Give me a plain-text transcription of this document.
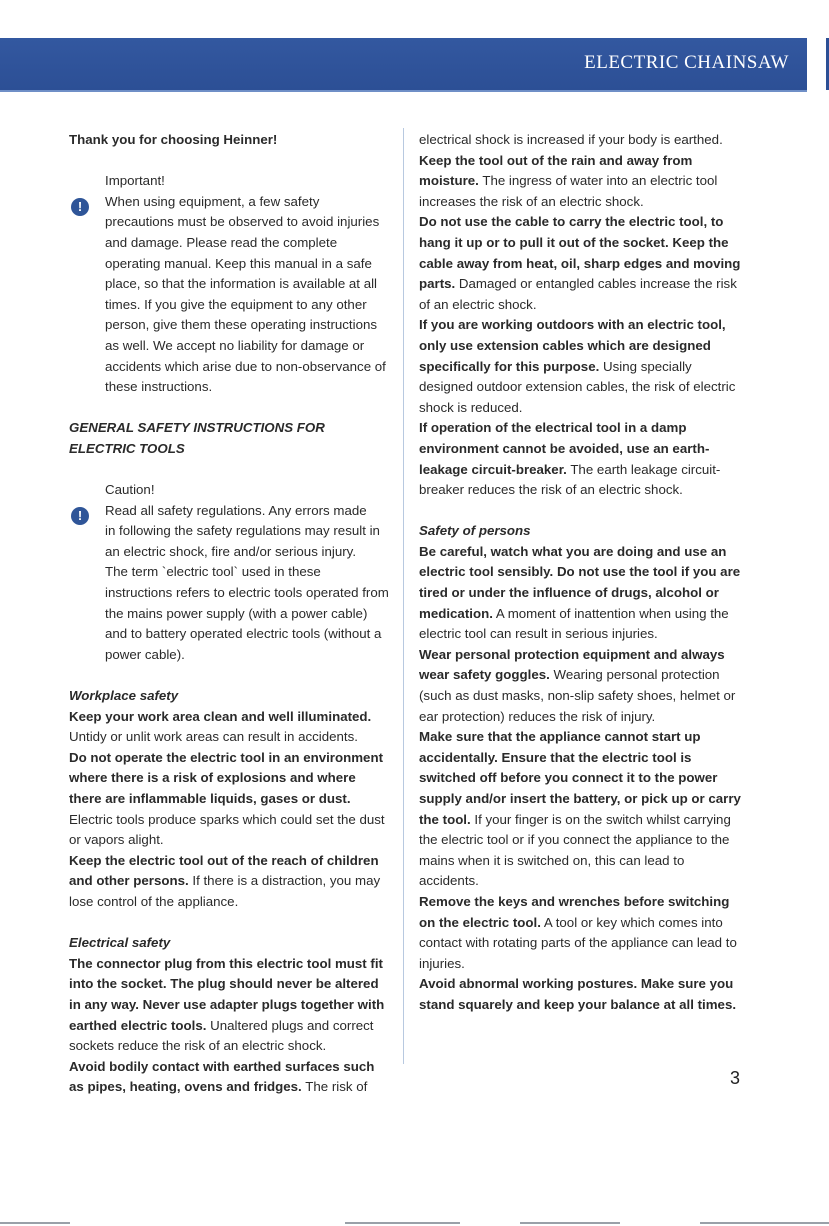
ELECTRIC CHAINSAW

Thank you for choosing Heinner!

!
Important!
When using equipment, a few safety

precautions must be observed to avoid injuries and damage. Please read the complete operating manual. Keep this manual in a safe place, so that the information is available at all times. If you give the equipment to any other person, give them these operating instructions as well. We accept no liability for damage or accidents which arise due to non-observance of these instructions.

GENERAL SAFETY INSTRUCTIONS FOR ELECTRIC TOOLS

!
Caution!
Read all safety regulations. Any errors made

in following the safety regulations may result in an electric shock, fire and/or serious injury.

The term `electric tool` used in these instructions refers to electric tools operated from the mains power supply (with a power cable) and to battery operated electric tools (without a power cable).

Workplace safety

Keep your work area clean and well illuminated. Untidy or unlit work areas can result in accidents.

Do not operate the electric tool in an environment where there is a risk of explosions and where there are inflammable liquids, gases or dust. Electric tools produce sparks which could set the dust or vapors alight.

Keep the electric tool out of the reach of children and other persons. If there is a distraction, you may lose control of the appliance.

Electrical safety

The connector plug from this electric tool must fit into the socket. The plug should never be altered in any way. Never use adapter plugs together with earthed electric tools. Unaltered plugs and correct sockets reduce the risk of an electric shock.

Avoid bodily contact with earthed surfaces such as pipes, heating, ovens and fridges. The risk of

electrical shock is increased if your body is earthed.

Keep the tool out of the rain and away from moisture. The ingress of water into an electric tool increases the risk of an electric shock.

Do not use the cable to carry the electric tool, to hang it up or to pull it out of the socket. Keep the cable away from heat, oil, sharp edges and moving parts. Damaged or entangled cables increase the risk of an electric shock.

If you are working outdoors with an electric tool, only use extension cables which are designed specifically for this purpose. Using specially designed outdoor extension cables, the risk of electric shock is reduced.

If operation of the electrical tool in a damp environment cannot be avoided, use an earth-leakage circuit-breaker. The earth leakage circuit-breaker reduces the risk of an electric shock.

Safety of persons

Be careful, watch what you are doing and use an electric tool sensibly. Do not use the tool if you are tired or under the influence of drugs, alcohol or medication. A moment of inattention when using the electric tool can result in serious injuries.

Wear personal protection equipment and always wear safety goggles. Wearing personal protection (such as dust masks, non-slip safety shoes, helmet or ear protection) reduces the risk of injury.

Make sure that the appliance cannot start up accidentally. Ensure that the electric tool is switched off before you connect it to the power supply and/or insert the battery, or pick up or carry the tool. If your finger is on the switch whilst carrying the electric tool or if you connect the appliance to the mains when it is switched on, this can lead to accidents.

Remove the keys and wrenches before switching on the electric tool. A tool or key which comes into contact with rotating parts of the appliance can lead to injuries.

Avoid abnormal working postures. Make sure you stand squarely and keep your balance at all times.

3
